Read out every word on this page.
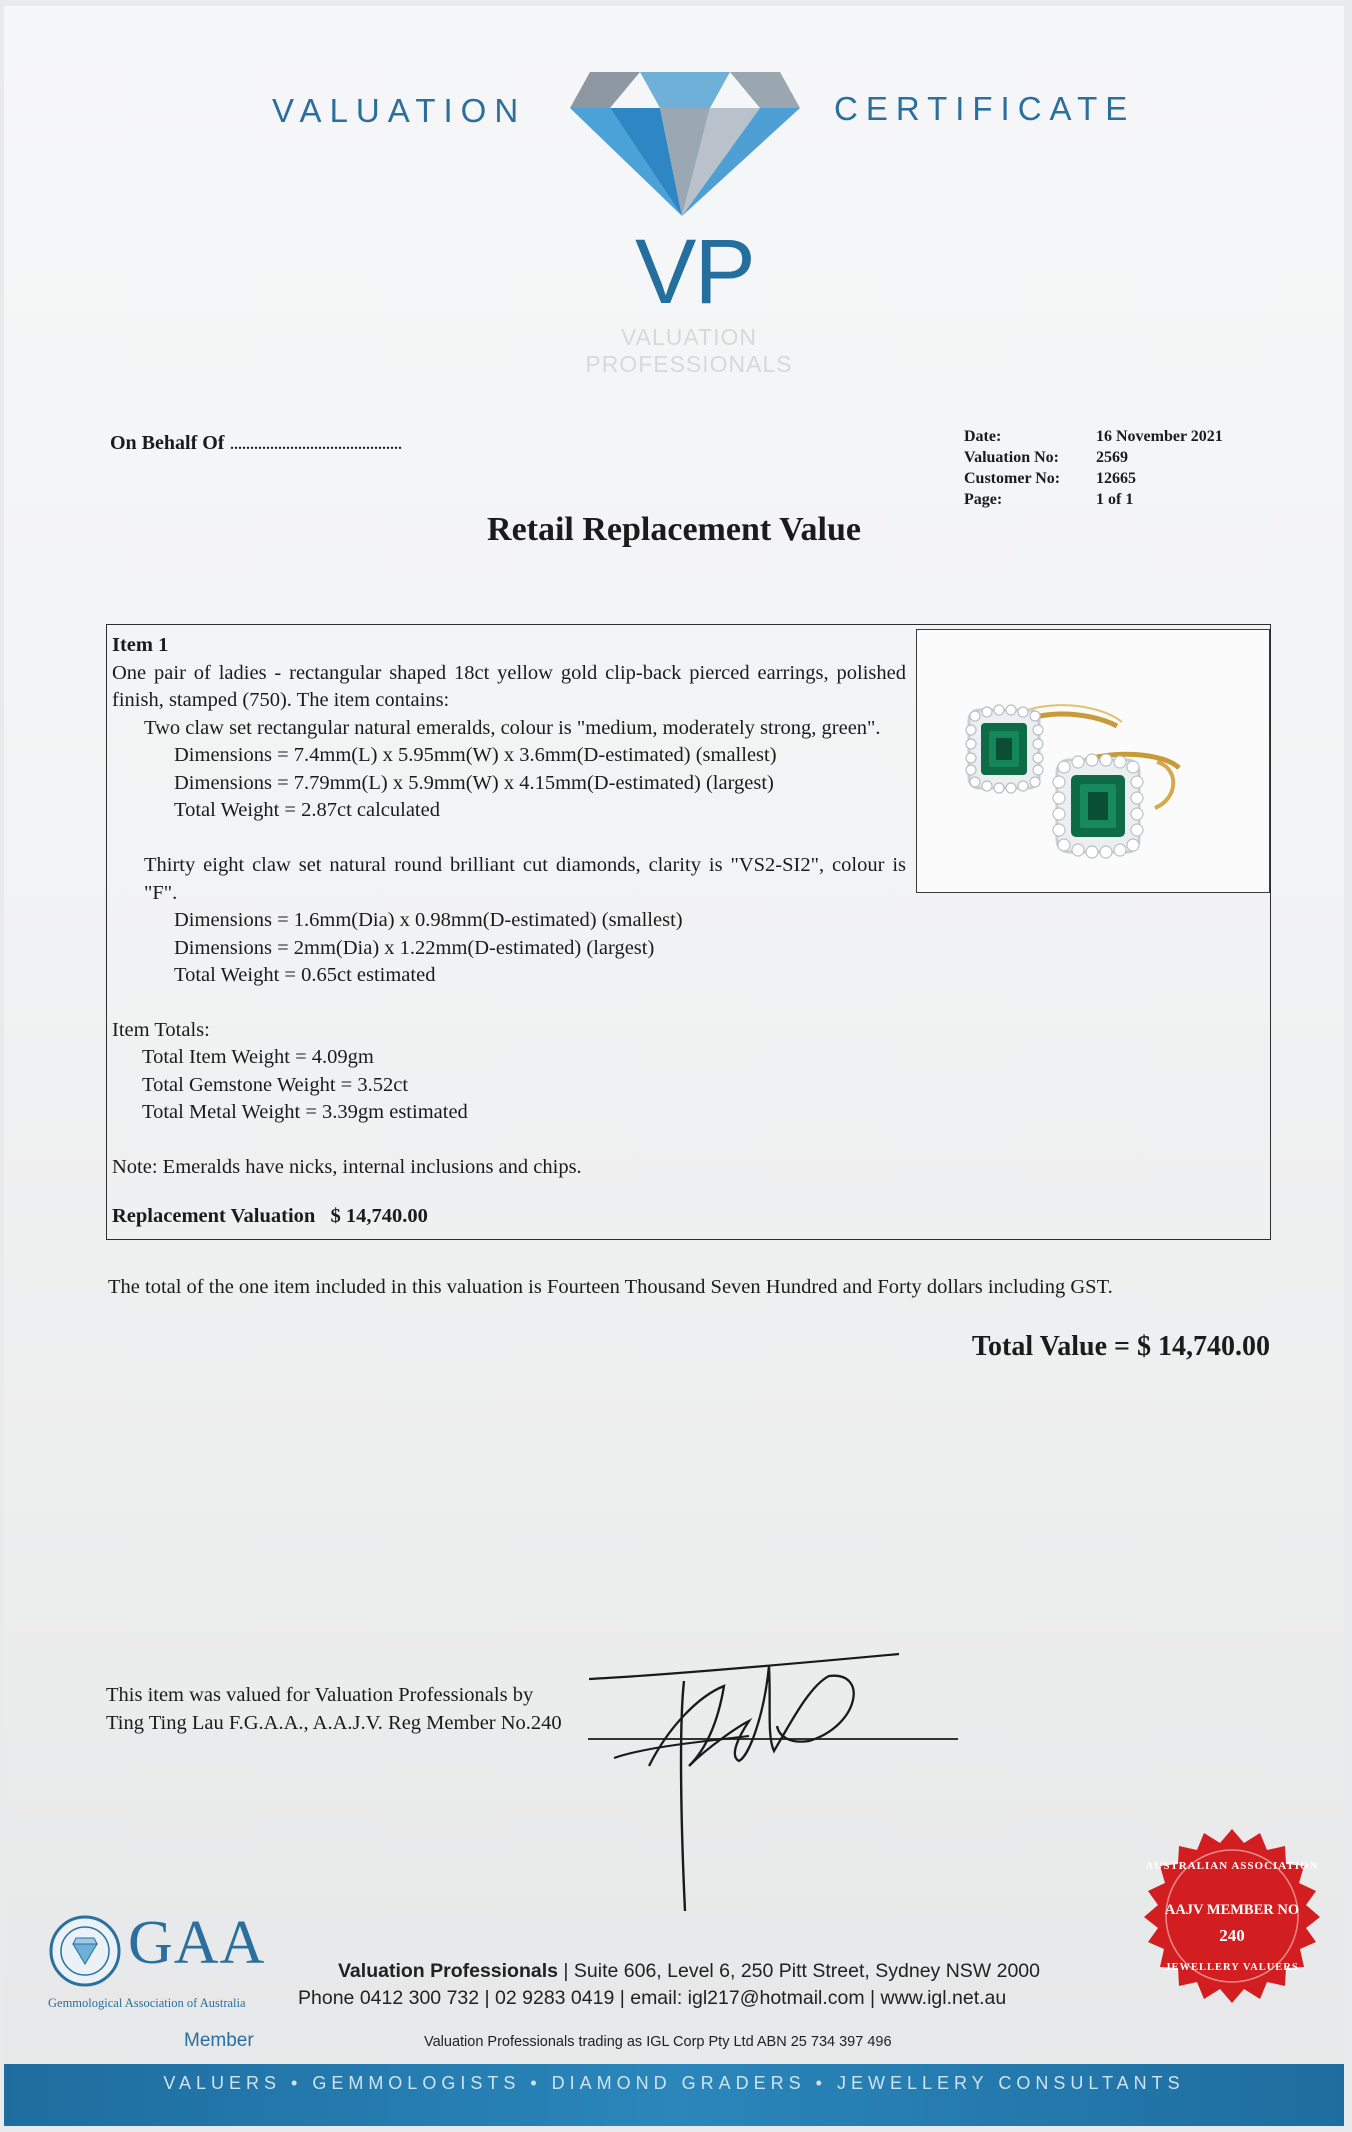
VALUATION	CERTIFICATE
VP
VALUATION
PROFESSIONALS
On Behalf Of ...........................................	Date:	16 November 2021
Valuation No:	2569
Customer No:	12665
Page:	1 of 1
Retail Replacement Value
Item 1
One pair of ladies - rectangular shaped 18ct yellow gold clip-back pierced earrings, polished finish, stamped (750). The item contains:
Two claw set rectangular natural emeralds, colour is "medium, moderately strong, green".
Dimensions = 7.4mm(L) x 5.95mm(W) x 3.6mm(D-estimated) (smallest)
Dimensions = 7.79mm(L) x 5.9mm(W) x 4.15mm(D-estimated) (largest)
Total Weight = 2.87ct calculated
Thirty eight claw set natural round brilliant cut diamonds, clarity is "VS2-SI2", colour is "F".
Dimensions = 1.6mm(Dia) x 0.98mm(D-estimated) (smallest)
Dimensions = 2mm(Dia) x 1.22mm(D-estimated) (largest)
Total Weight = 0.65ct estimated
Item Totals:
Total Item Weight = 4.09gm
Total Gemstone Weight = 3.52ct
Total Metal Weight = 3.39gm estimated
Note: Emeralds have nicks, internal inclusions and chips.
Replacement Valuation $ 14,740.00
The total of the one item included in this valuation is Fourteen Thousand Seven Hundred and Forty dollars including GST.
Total Value = $ 14,740.00
This item was valued for Valuation Professionals by
Ting Ting Lau F.G.A.A., A.A.J.V. Reg Member No.240
AUSTRALIAN ASSOCIATION
AAJV MEMBER NO
240
JEWELLERY VALUERS
GAA
Gemmological Association of Australia
Member
Valuation Professionals | Suite 606, Level 6, 250 Pitt Street, Sydney NSW 2000
Phone 0412 300 732 | 02 9283 0419 | email: igl217@hotmail.com | www.igl.net.au
Valuation Professionals trading as IGL Corp Pty Ltd ABN 25 734 397 496
VALUERS • GEMMOLOGISTS • DIAMOND GRADERS • JEWELLERY CONSULTANTS
